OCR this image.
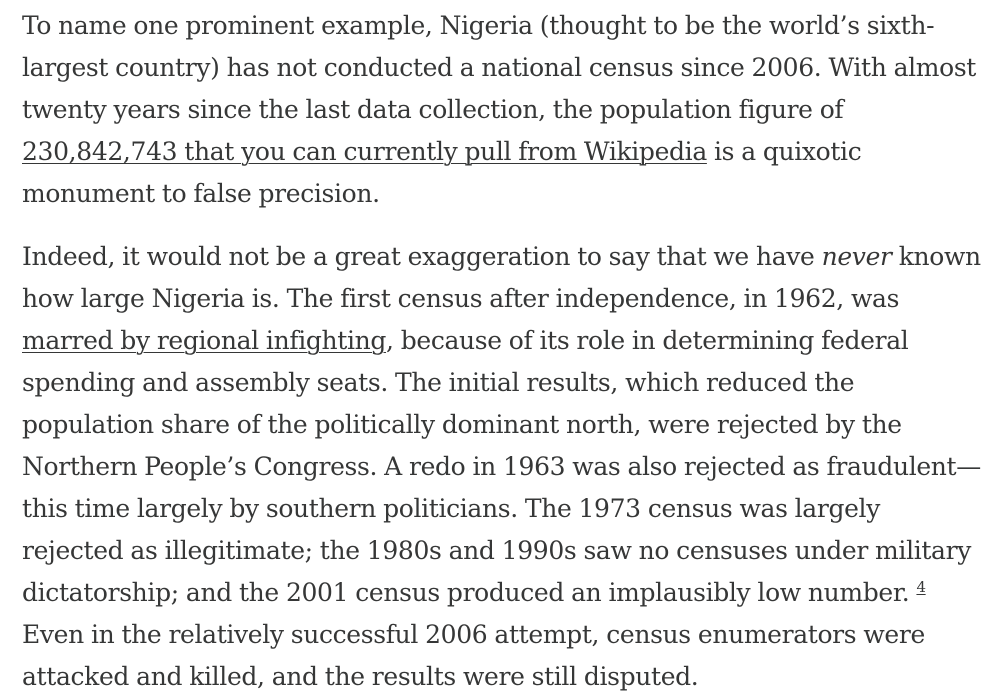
To name one prominent example, Nigeria (thought to be the world’s sixth-largest country) has not conducted a national census since 2006. With almost twenty years since the last data collection, the population figure of 230,842,743 that you can currently pull from Wikipedia is a quixotic monument to false precision.

Indeed, it would not be a great exaggeration to say that we have never known how large Nigeria is. The first census after independence, in 1962, was marred by regional infighting, because of its role in determining federal spending and assembly seats. The initial results, which reduced the population share of the politically dominant north, were rejected by the Northern People’s Congress. A redo in 1963 was also rejected as fraudulent—this time largely by southern politicians. The 1973 census was largely rejected as illegitimate; the 1980s and 1990s saw no censuses under military dictatorship; and the 2001 census produced an implausibly low number. $^4$ Even in the relatively successful 2006 attempt, census enumerators were attacked and killed, and the results were still disputed.
